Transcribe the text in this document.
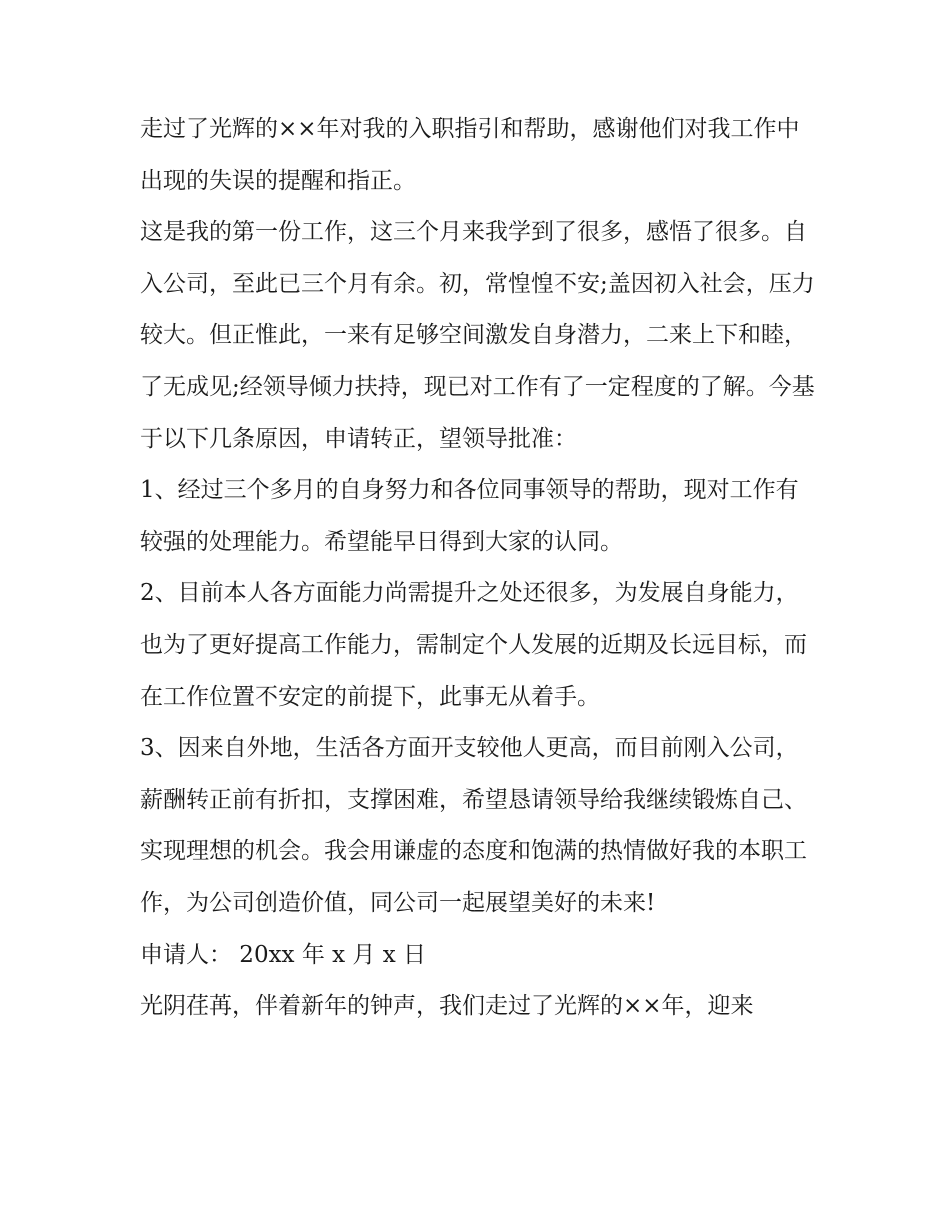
走过了光辉的××年对我的入职指引和帮助，感谢他们对我工作中出现的失误的提醒和指正。

这是我的第一份工作，这三个月来我学到了很多，感悟了很多。自入公司，至此已三个月有余。初，常惶惶不安;盖因初入社会，压力较大。但正惟此，一来有足够空间激发自身潜力，二来上下和睦，了无成见;经领导倾力扶持，现已对工作有了一定程度的了解。今基于以下几条原因，申请转正，望领导批准：

1、经过三个多月的自身努力和各位同事领导的帮助，现对工作有较强的处理能力。希望能早日得到大家的认同。

2、目前本人各方面能力尚需提升之处还很多，为发展自身能力，也为了更好提高工作能力，需制定个人发展的近期及长远目标，而在工作位置不安定的前提下，此事无从着手。

3、因来自外地，生活各方面开支较他人更高，而目前刚入公司，薪酬转正前有折扣，支撑困难，希望恳请领导给我继续锻炼自己、实现理想的机会。我会用谦虚的态度和饱满的热情做好我的本职工作，为公司创造价值，同公司一起展望美好的未来!

申请人： 20xx 年 x 月 x 日

光阴荏苒，伴着新年的钟声，我们走过了光辉的××年，迎来
